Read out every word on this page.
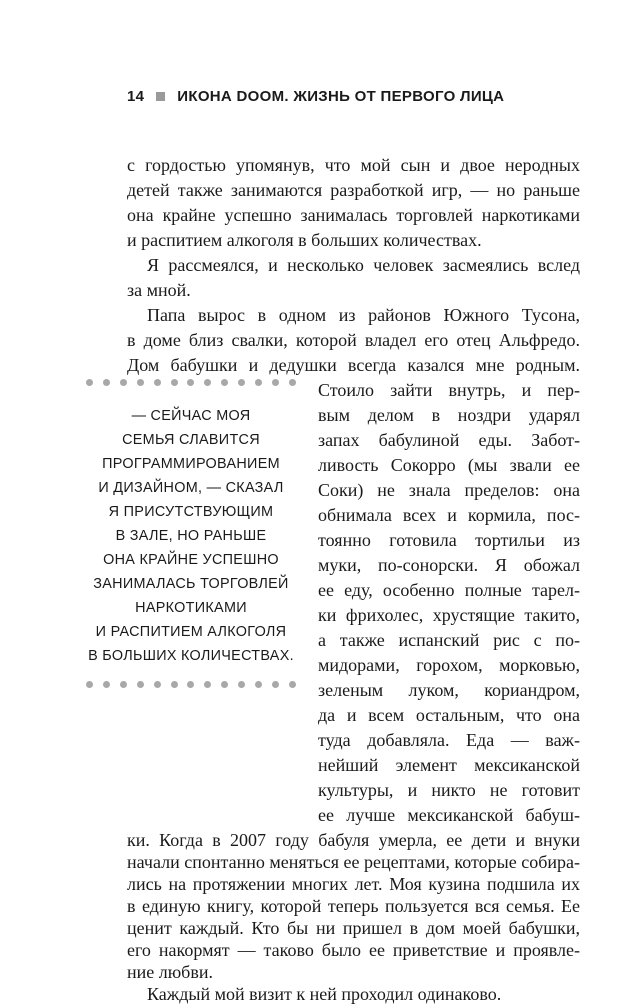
14 ИКОНА DOOM. ЖИЗНЬ ОТ ПЕРВОГО ЛИЦА
с гордостью упомянув, что мой сын и двое неродных
детей также занимаются разработкой игр, — но раньше
она крайне успешно занималась торговлей наркотиками
и распитием алкоголя в больших количествах.
Я рассмеялся, и несколько человек засмеялись вслед
за мной.
Папа вырос в одном из районов Южного Тусона,
в доме близ свалки, которой владел его отец Альфредо.
Дом бабушки и дедушки всегда казался мне родным.
Стоило зайти внутрь, и пер-
вым делом в ноздри ударял
запах бабулиной еды. Забот-
ливость Сокорро (мы звали ее
Соки) не знала пределов: она
обнимала всех и кормила, пос-
тоянно готовила тортильи из
муки, по-сонорски. Я обожал
ее еду, особенно полные тарел-
ки фрихолес, хрустящие такито,
а также испанский рис с по-
мидорами, горохом, морковью,
зеленым луком, кориандром,
да и всем остальным, что она
туда добавляла. Еда — важ-
нейший элемент мексиканской
культуры, и никто не готовит
ее лучше мексиканской бабуш-
ки. Когда в 2007 году бабуля умерла, ее дети и внуки
начали спонтанно меняться ее рецептами, которые собира-
лись на протяжении многих лет. Моя кузина подшила их
в единую книгу, которой теперь пользуется вся семья. Ее
ценит каждый. Кто бы ни пришел в дом моей бабушки,
его накормят — таково было ее приветствие и проявле-
ние любви.
Каждый мой визит к ней проходил одинаково.
— СЕЙЧАС МОЯ
СЕМЬЯ СЛАВИТСЯ
ПРОГРАММИРОВАНИЕМ
И ДИЗАЙНОМ, — СКАЗАЛ
Я ПРИСУТСТВУЮЩИМ
В ЗАЛЕ, НО РАНЬШЕ
ОНА КРАЙНЕ УСПЕШНО
ЗАНИМАЛАСЬ ТОРГОВЛЕЙ
НАРКОТИКАМИ
И РАСПИТИЕМ АЛКОГОЛЯ
В БОЛЬШИХ КОЛИЧЕСТВАХ.
